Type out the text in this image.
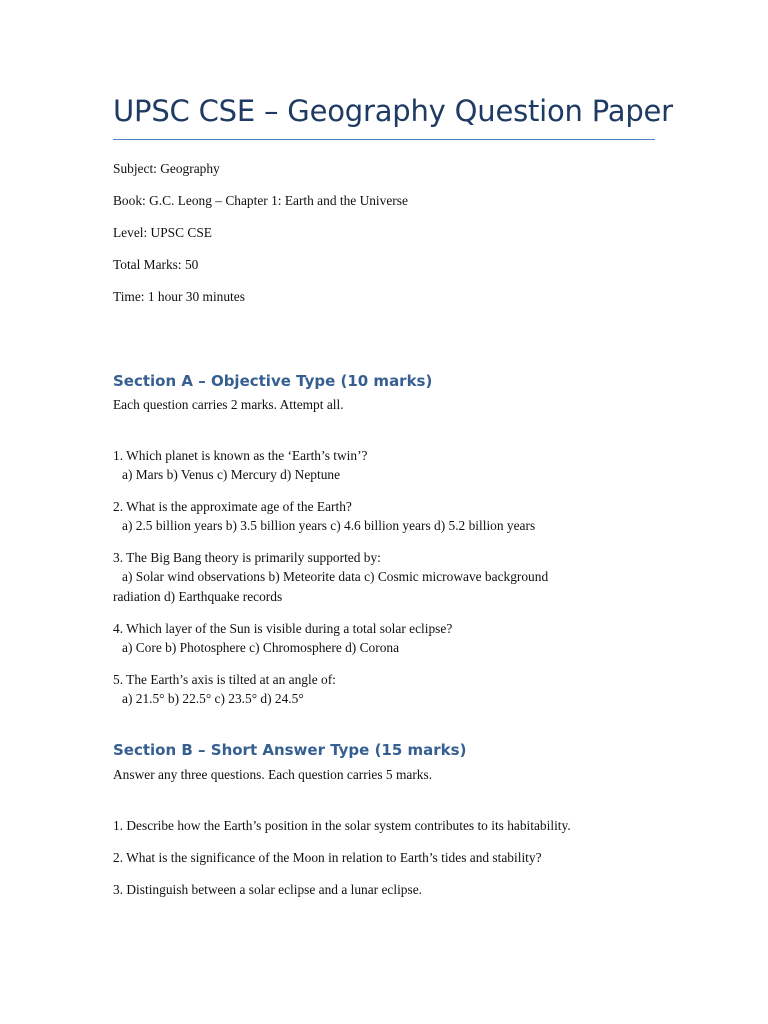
UPSC CSE – Geography Question Paper
Subject: Geography
Book: G.C. Leong – Chapter 1: Earth and the Universe
Level: UPSC CSE
Total Marks: 50
Time: 1 hour 30 minutes
Section A – Objective Type (10 marks)
Each question carries 2 marks. Attempt all.
1. Which planet is known as the ‘Earth’s twin’?
a) Mars b) Venus c) Mercury d) Neptune
2. What is the approximate age of the Earth?
a) 2.5 billion years b) 3.5 billion years c) 4.6 billion years d) 5.2 billion years
3. The Big Bang theory is primarily supported by:
a) Solar wind observations b) Meteorite data c) Cosmic microwave background
radiation d) Earthquake records
4. Which layer of the Sun is visible during a total solar eclipse?
a) Core b) Photosphere c) Chromosphere d) Corona
5. The Earth’s axis is tilted at an angle of:
a) 21.5° b) 22.5° c) 23.5° d) 24.5°
Section B – Short Answer Type (15 marks)
Answer any three questions. Each question carries 5 marks.
1. Describe how the Earth’s position in the solar system contributes to its habitability.
2. What is the significance of the Moon in relation to Earth’s tides and stability?
3. Distinguish between a solar eclipse and a lunar eclipse.
